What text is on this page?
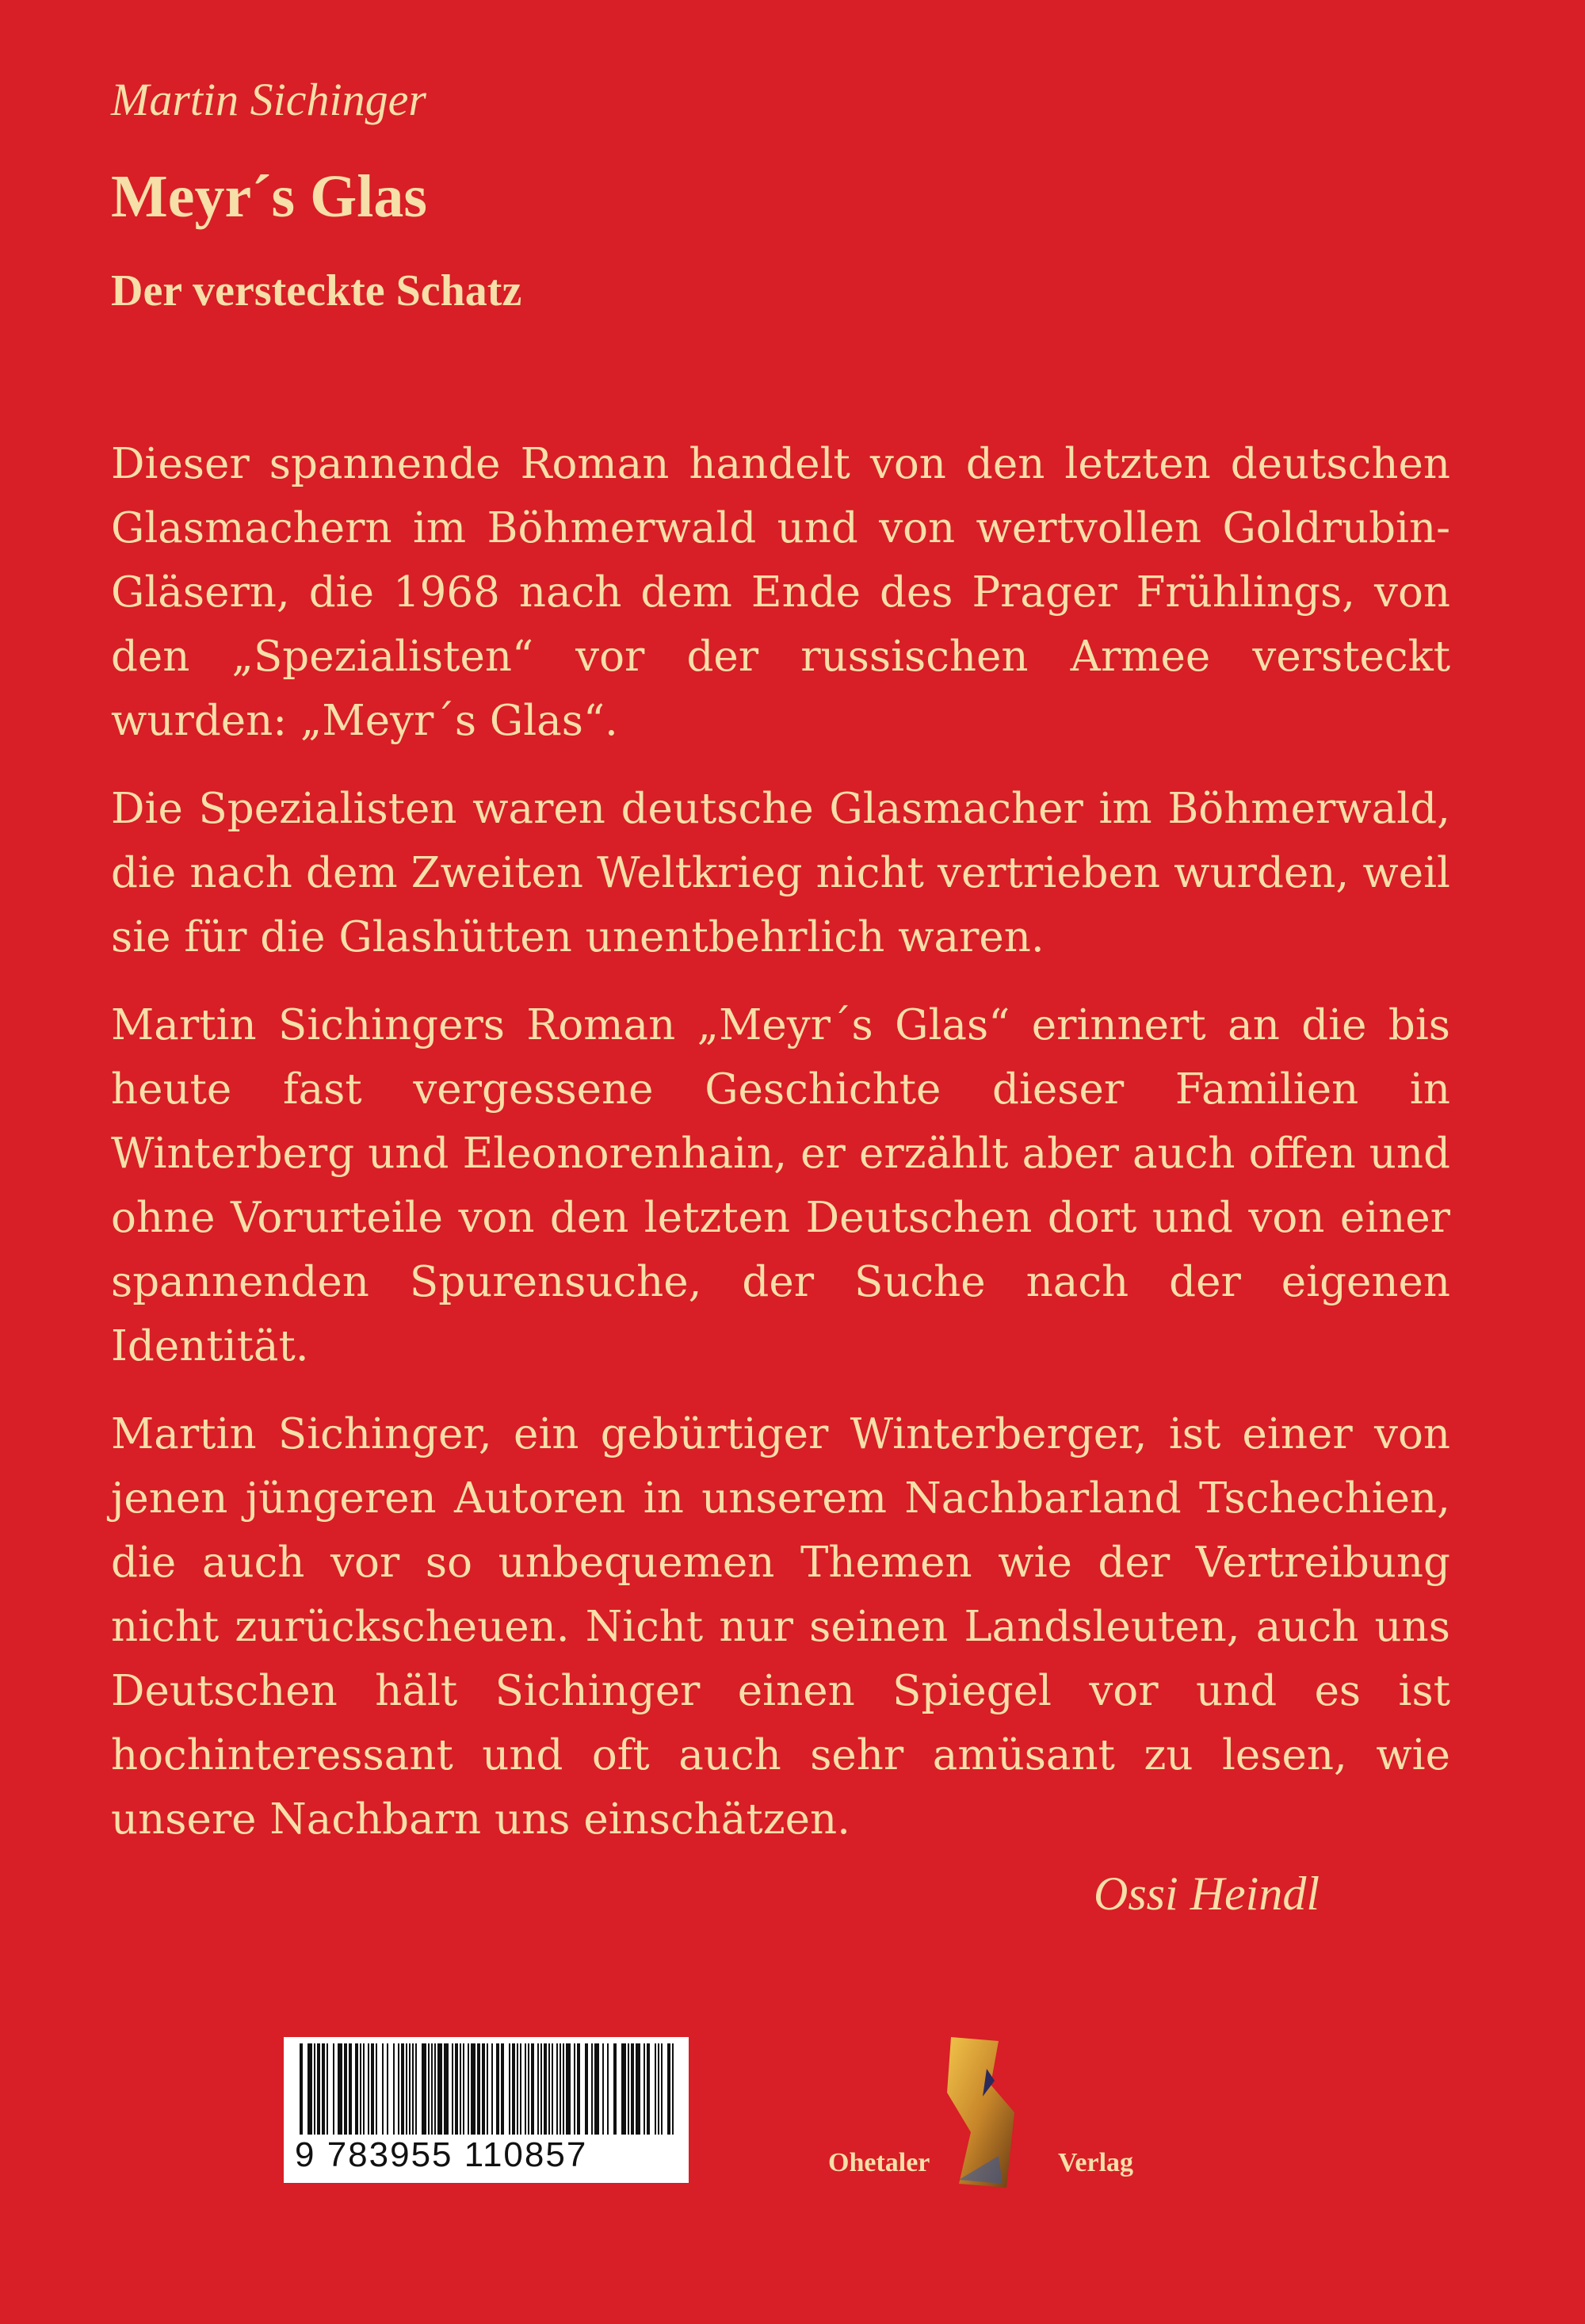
Martin Sichinger
Meyr´s Glas
Der versteckte Schatz

Dieser spannende Roman handelt von den letzten deutschen Glasmachern im Böhmerwald und von wertvollen Goldrubin-Gläsern, die 1968 nach dem Ende des Prager Frühlings, von den „Spezialisten“ vor der russischen Armee versteckt wurden: „Meyr´s Glas“.

Die Spezialisten waren deutsche Glasmacher im Böhmerwald, die nach dem Zweiten Weltkrieg nicht vertrieben wurden, weil sie für die Glashütten unentbehrlich waren.

Martin Sichingers Roman „Meyr´s Glas“ erinnert an die bis heute fast vergessene Geschichte dieser Familien in Winterberg und Eleonorenhain, er erzählt aber auch offen und ohne Vorurteile von den letzten Deutschen dort und von einer spannenden Spurensuche, der Suche nach der eigenen Identität.

Martin Sichinger, ein gebürtiger Winterberger, ist einer von jenen jüngeren Autoren in unserem Nachbarland Tschechien, die auch vor so unbequemen Themen wie der Vertreibung nicht zurückscheuen. Nicht nur seinen Landsleuten, auch uns Deutschen hält Sichinger einen Spiegel vor und es ist hochinteressant und oft auch sehr amüsant zu lesen, wie unsere Nachbarn uns einschätzen.

Ossi Heindl
9 783955 110857	Ohetaler	Verlag
